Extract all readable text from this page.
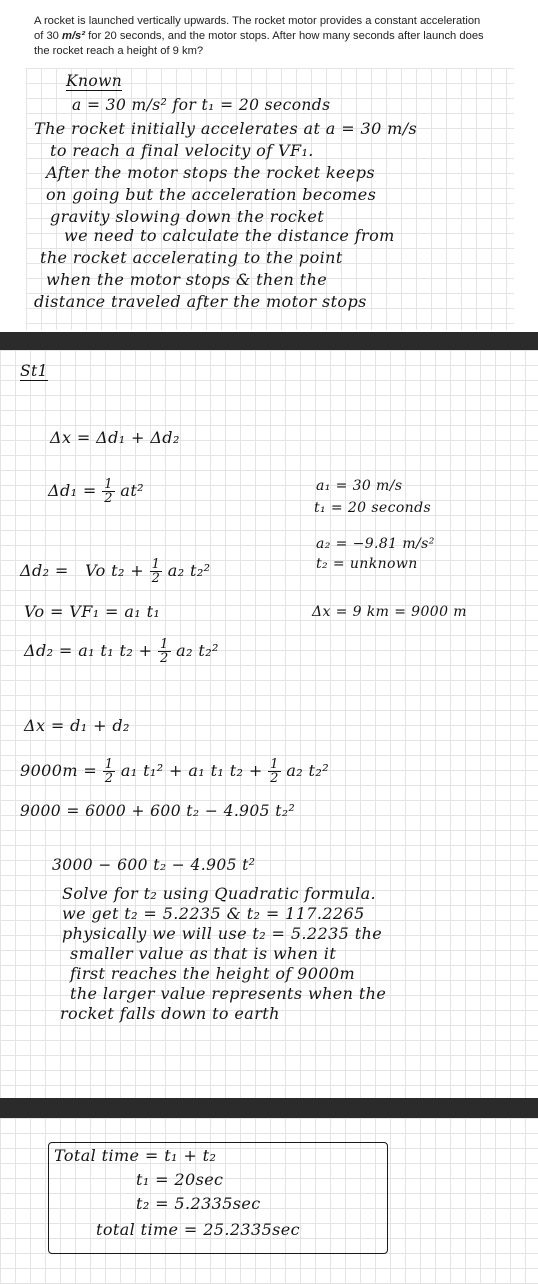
A rocket is launched vertically upwards. The rocket motor provides a constant acceleration
of 30 m/s² for 20 seconds, and the motor stops. After how many seconds after launch does
the rocket reach a height of 9 km?
Known
a = 30 m/s² for t₁ = 20 seconds
The rocket initially accelerates at a = 30 m/s
to reach a final velocity of VF₁.
After the motor stops the rocket keeps
on going but the acceleration becomes
gravity slowing down the rocket
we need to calculate the distance from
the rocket accelerating to the point
when the motor stops & then the
distance traveled after the motor stops
St1
Δx = Δd₁ + Δd₂
$\Delta d_1 = \frac{1}{2} at^2$	a₁ = 30 m/s
t₁ = 20 seconds
a₂ = −9.81 m/s²
t₂ = unknown
Δd₂ = Vo $t_2 + \frac{1}{2} a_2$ t₂²
Vo = VF₁ = a₁ t₁	Δx = 9 km = 9000 m
Δd₂ = a₁ t₁ $t_2 + \frac{1}{2} a_2$ t₂²
Δx = d₁ + d₂
$9000m = \frac{1}{2} a_1$ t₁² + a₁ t₁ $t_2 + \frac{1}{2} a_2$ t₂²
9000 = 6000 + 600 t₂ − 4.905 t₂²
3000 − 600 t₂ − 4.905 t²
Solve for t₂ using Quadratic formula.
we get t₂ = 5.2235 & t₂ = 117.2265
physically we will use t₂ = 5.2235 the
smaller value as that is when it
first reaches the height of 9000m
the larger value represents when the
rocket falls down to earth
Total time = t₁ + t₂
t₁ = 20sec
t₂ = 5.2335sec
total time = 25.2335sec
